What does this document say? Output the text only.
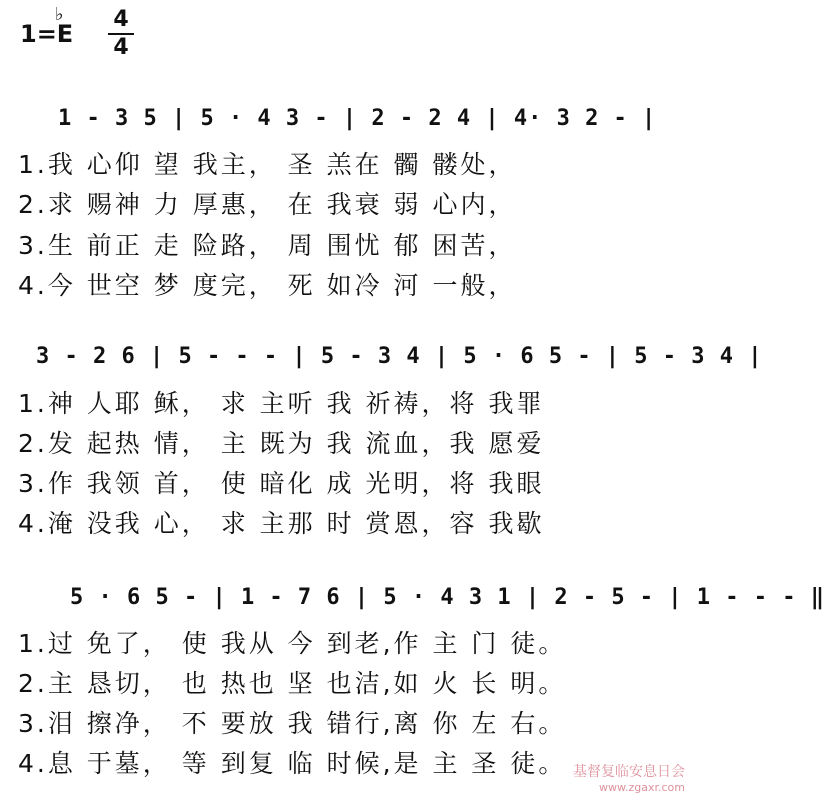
♭
1=E
4
4
1 - 3 5 | 5 · 4 3 - | 2 - 2 4 | 4· 3 2 - |
1.我 心仰 望 我主， 圣 羔在 髑 髅处，
2.求 赐神 力 厚惠， 在 我衰 弱 心内，
3.生 前正 走 险路， 周 围忧 郁 困苦，
4.今 世空 梦 度完， 死 如冷 河 一般，
3 - 2 6 | 5 - - - | 5 - 3 4 | 5 · 6 5 - | 5 - 3 4 |
1.神 人耶 稣， 求 主听 我 祈祷，将 我罪
2.发 起热 情， 主 既为 我 流血，我 愿爱
3.作 我领 首， 使 暗化 成 光明，将 我眼
4.淹 没我 心， 求 主那 时 赏恩，容 我歇
5 · 6 5 - | 1 - 7 6 | 5 · 4 3 1 | 2 - 5 - | 1 - - - ‖
1.过 免了， 使 我从 今 到老,作 主 门 徒。
2.主 恳切， 也 热也 坚 也洁,如 火 长 明。
3.泪 擦净， 不 要放 我 错行,离 你 左 右。
4.息 于墓， 等 到复 临 时候,是 主 圣 徒。 基督复临安息日会
www.zgaxr.com
